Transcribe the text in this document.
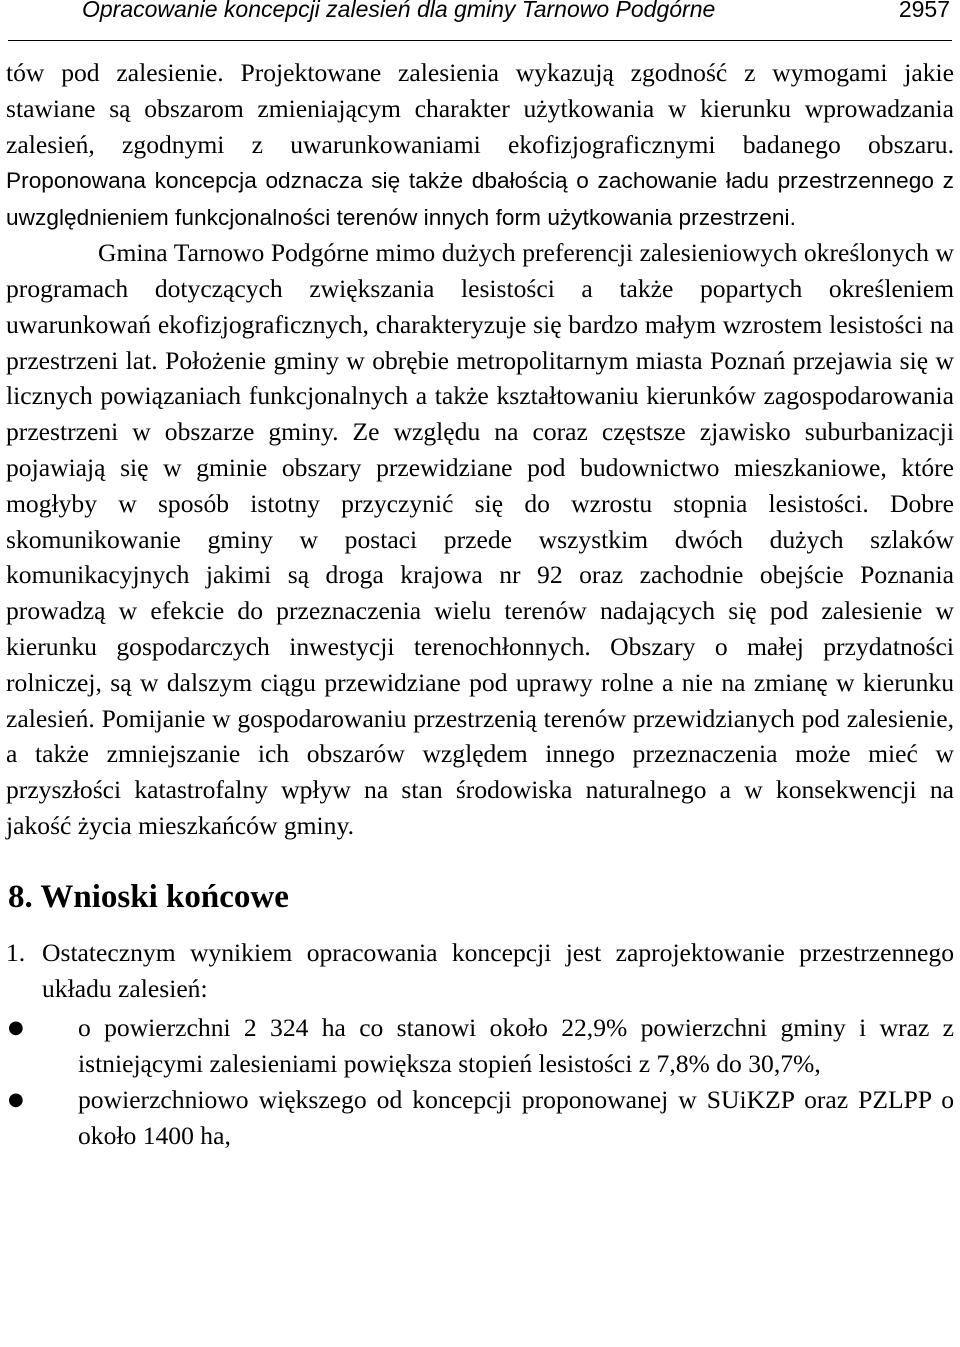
Opracowanie koncepcji zalesień dla gminy Tarnowo Podgórne	2957

tów pod zalesienie. Projektowane zalesienia wykazują zgodność z wymogami jakie stawiane są obszarom zmieniającym charakter użytkowania w kierunku wprowadzania zalesień, zgodnymi z uwarunkowaniami ekofizjograficznymi badanego obszaru. Proponowana koncepcja odznacza się także dbałością o zachowanie ładu przestrzennego z uwzględnieniem funkcjonalności terenów innych form użytkowania przestrzeni.

Gmina Tarnowo Podgórne mimo dużych preferencji zalesieniowych określonych w programach dotyczących zwiększania lesistości a także popartych określeniem uwarunkowań ekofizjograficznych, charakteryzuje się bardzo małym wzrostem lesistości na przestrzeni lat. Położenie gminy w obrębie metropolitarnym miasta Poznań przejawia się w licznych powiązaniach funkcjonalnych a także kształtowaniu kierunków zagospodarowania przestrzeni w obszarze gminy. Ze względu na coraz częstsze zjawisko suburbanizacji pojawiają się w gminie obszary przewidziane pod budownictwo mieszkaniowe, które mogłyby w sposób istotny przyczynić się do wzrostu stopnia lesistości. Dobre skomunikowanie gminy w postaci przede wszystkim dwóch dużych szlaków komunikacyjnych jakimi są droga krajowa nr 92 oraz zachodnie obejście Poznania prowadzą w efekcie do przeznaczenia wielu terenów nadających się pod zalesienie w kierunku gospodarczych inwestycji terenochłonnych. Obszary o małej przydatności rolniczej, są w dalszym ciągu przewidziane pod uprawy rolne a nie na zmianę w kierunku zalesień. Pomijanie w gospodarowaniu przestrzenią terenów przewidzianych pod zalesienie, a także zmniejszanie ich obszarów względem innego przeznaczenia może mieć w przyszłości katastrofalny wpływ na stan środowiska naturalnego a w konsekwencji na jakość życia mieszkańców gminy.

8. Wnioski końcowe
1. Ostatecznym wynikiem opracowania koncepcji jest zaprojektowanie przestrzennego układu zalesień:

●	o powierzchni 2 324 ha co stanowi około 22,9% powierzchni gminy i wraz z istniejącymi zalesieniami powiększa stopień lesistości z 7,8% do 30,7%,
●	powierzchniowo większego od koncepcji proponowanej w SUiKZP oraz PZLPP o około 1400 ha,
